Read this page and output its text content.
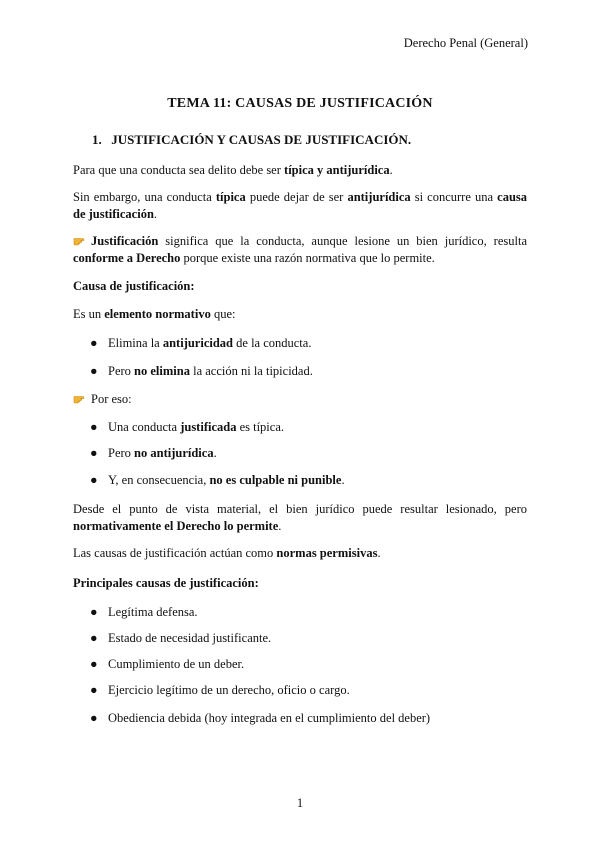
Derecho Penal (General)
TEMA 11: CAUSAS DE JUSTIFICACIÓN
1. JUSTIFICACIÓN Y CAUSAS DE JUSTIFICACIÓN.
Para que una conducta sea delito debe ser típica y antijurídica.
Sin embargo, una conducta típica puede dejar de ser antijurídica si concurre una causa de justificación.
Justificación significa que la conducta, aunque lesione un bien jurídico, resulta conforme a Derecho porque existe una razón normativa que lo permite.
Causa de justificación:
Es un elemento normativo que:
● Elimina la antijuricidad de la conducta.
● Pero no elimina la acción ni la tipicidad.
Por eso:
● Una conducta justificada es típica.
● Pero no antijurídica.
● Y, en consecuencia, no es culpable ni punible.
Desde el punto de vista material, el bien jurídico puede resultar lesionado, pero normativamente el Derecho lo permite.
Las causas de justificación actúan como normas permisivas.
Principales causas de justificación:
● Legítima defensa.
● Estado de necesidad justificante.
● Cumplimiento de un deber.
● Ejercicio legítimo de un derecho, oficio o cargo.
● Obediencia debida (hoy integrada en el cumplimiento del deber)
1
